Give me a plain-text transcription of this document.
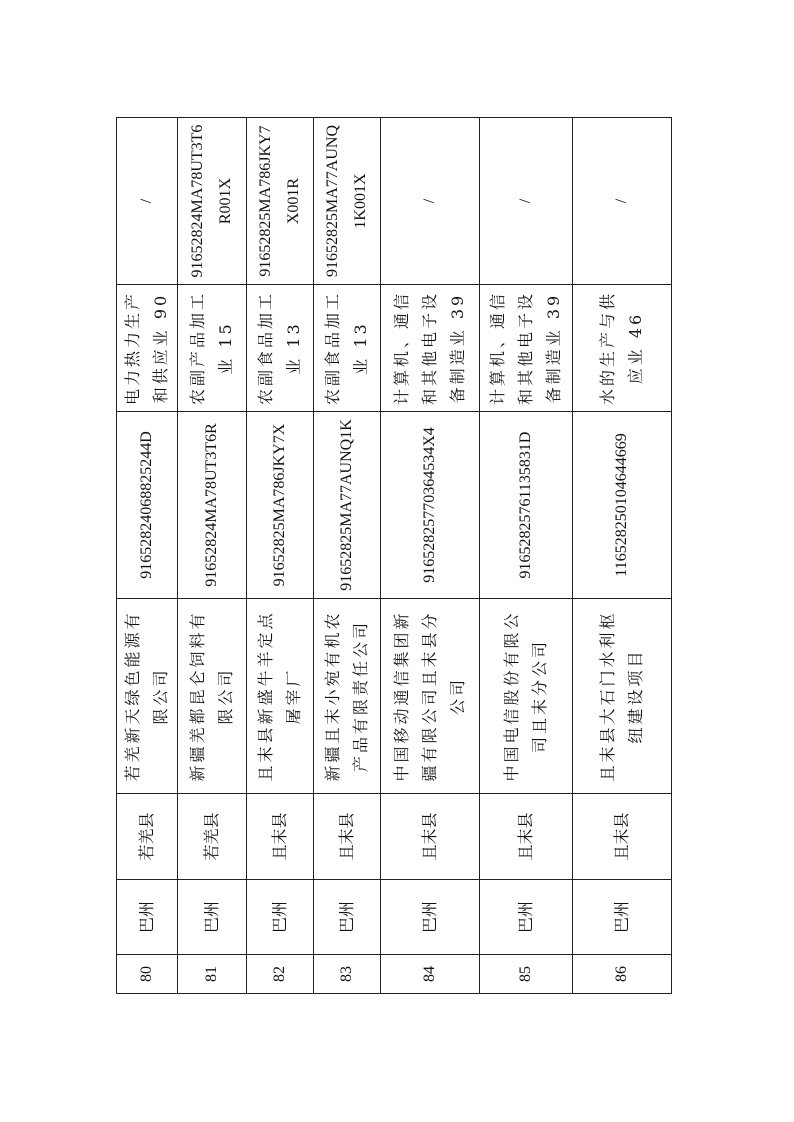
80	巴州	若羌县	若羌新天绿色能源有限公司	91652824068825244D	电力热力生产和供应业 90	/
81	巴州	若羌县	新疆羌都昆仑饲料有限公司	91652824MA78UT3T6R	农副产品加工业 15	91652824MA78UT3T6R001X
82	巴州	且末县	且末县新盛牛羊定点屠宰厂	91652825MA786JKY7X	农副食品加工业 13	91652825MA786JKY7X001R
83	巴州	且末县	新疆且末小宛有机农产品有限责任公司	91652825MA77AUNQ1K	农副食品加工业 13	91652825MA77AUNQ1K001X
84	巴州	且末县	中国移动通信集团新疆有限公司且末县分公司	91652825770364534X4	计算机、通信和其他电子设备制造业 39	/
85	巴州	且末县	中国电信股份有限公司且末分公司	91652825761135831D	计算机、通信和其他电子设备制造业 39	/
86	巴州	且末县	且末县大石门水利枢纽建设项目	11652825010464466​9	水的生产与供应业 46	/
